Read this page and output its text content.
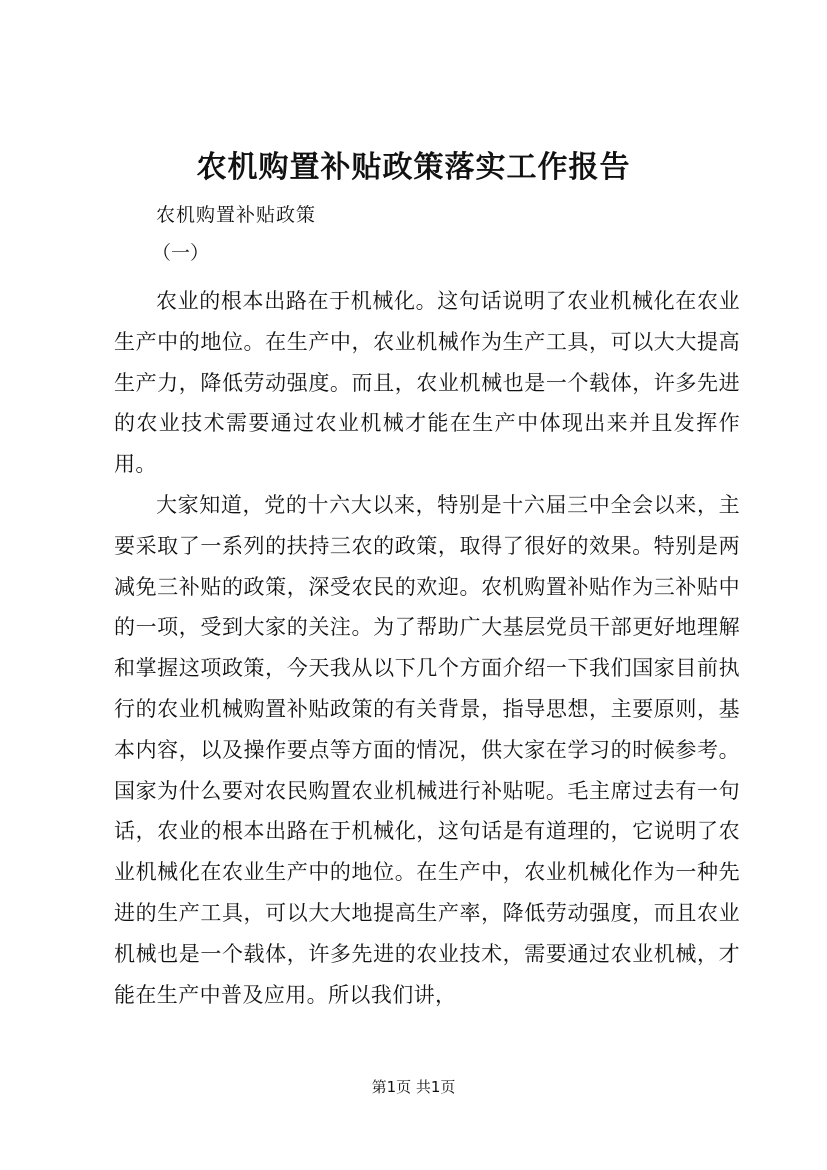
农机购置补贴政策落实工作报告
农机购置补贴政策
（一）

农业的根本出路在于机械化。这句话说明了农业机械化在农业生产中的地位。在生产中，农业机械作为生产工具，可以大大提高生产力，降低劳动强度。而且，农业机械也是一个载体，许多先进的农业技术需要通过农业机械才能在生产中体现出来并且发挥作用。

大家知道，党的十六大以来，特别是十六届三中全会以来，主要采取了一系列的扶持三农的政策，取得了很好的效果。特别是两减免三补贴的政策，深受农民的欢迎。农机购置补贴作为三补贴中的一项，受到大家的关注。为了帮助广大基层党员干部更好地理解和掌握这项政策，今天我从以下几个方面介绍一下我们国家目前执行的农业机械购置补贴政策的有关背景，指导思想，主要原则，基本内容，以及操作要点等方面的情况，供大家在学习的时候参考。国家为什么要对农民购置农业机械进行补贴呢。毛主席过去有一句话，农业的根本出路在于机械化，这句话是有道理的，它说明了农业机械化在农业生产中的地位。在生产中，农业机械化作为一种先进的生产工具，可以大大地提高生产率，降低劳动强度，而且农业机械也是一个载体，许多先进的农业技术，需要通过农业机械，才能在生产中普及应用。所以我们讲，

第1页 共1页
